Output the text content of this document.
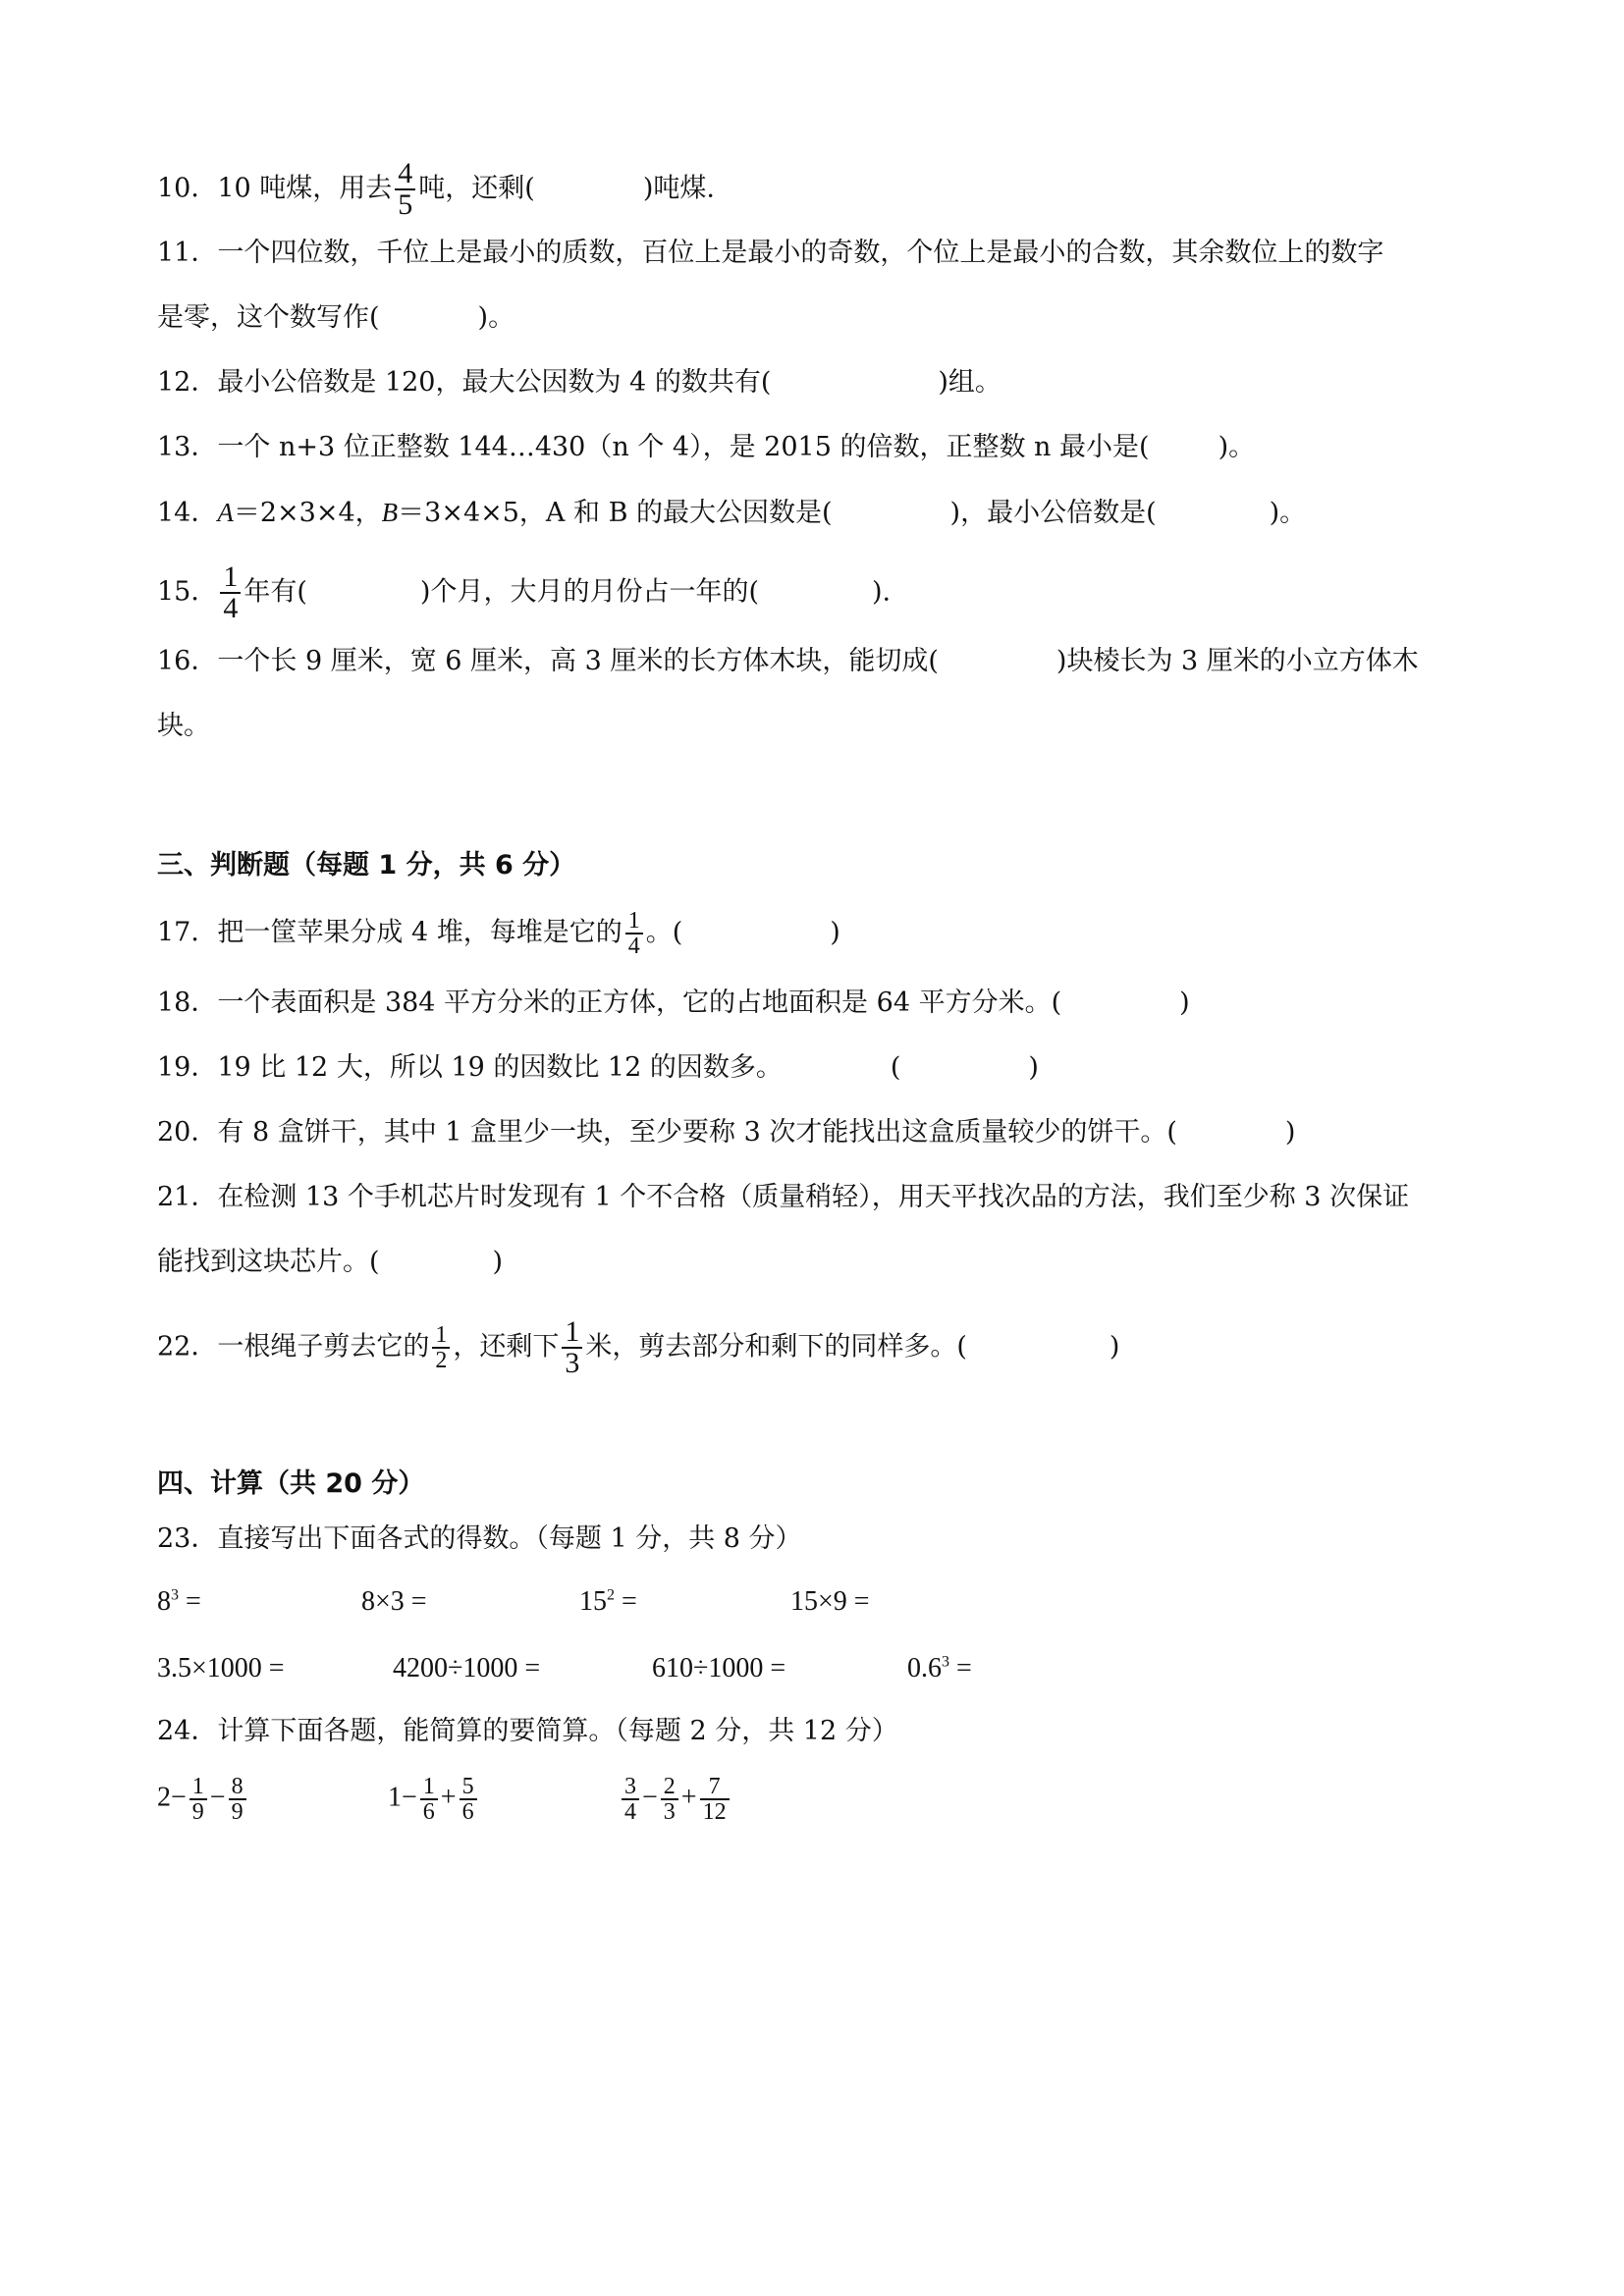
10．10 吨煤，用去 $\frac{4}{5}$ 吨，还剩(	)吨煤.
11．一个四位数，千位上是最小的质数，百位上是最小的奇数，个位上是最小的合数，其余数位上的数字
是零，这个数写作(	)。
12．最小公倍数是 120，最大公因数为 4 的数共有(	)组。
13．一个 n+3 位正整数 144…430（n 个 4），是 2015 的倍数，正整数 n 最小是(	)。
14．A＝2×3×4，B＝3×4×5，A 和 B 的最大公因数是(	)，最小公倍数是(	)。
15． $\frac{1}{4}$ 年有(	)个月，大月的月份占一年的(	).
16．一个长 9 厘米，宽 6 厘米，高 3 厘米的长方体木块，能切成(	)块棱长为 3 厘米的小立方体木
块。
三、判断题（每题 1 分，共 6 分）
17．把一筐苹果分成 4 堆，每堆是它的 $\frac{1}{4}$ 。(	)
18．一个表面积是 384 平方分米的正方体，它的占地面积是 64 平方分米。(	)
19．19 比 12 大，所以 19 的因数比 12 的因数多。	(	)
20．有 8 盒饼干，其中 1 盒里少一块，至少要称 3 次才能找出这盒质量较少的饼干。(	)
21．在检测 13 个手机芯片时发现有 1 个不合格（质量稍轻），用天平找次品的方法，我们至少称 3 次保证
能找到这块芯片。(	)
22．一根绳子剪去它的 $\frac{1}{2}$ ，还剩下 $\frac{1}{3}$ 米，剪去部分和剩下的同样多。(	)
四、计算（共 20 分）
23．直接写出下面各式的得数。（每题 1 分，共 8 分）
$8^3$ =	8×3 =	$15^2$ =	15×9 =
3.5×1000 =	4200÷1000 =	610÷1000 =	$0.6^3$ =
24．计算下面各题，能简算的要简算。（每题 2 分，共 12 分）
$2- \frac{1}{9} - \frac{8}{9}$	$1- \frac{1}{6} + \frac{5}{6}$	$\frac{3}{4} - \frac{2}{3} + \frac{7}{12}$
